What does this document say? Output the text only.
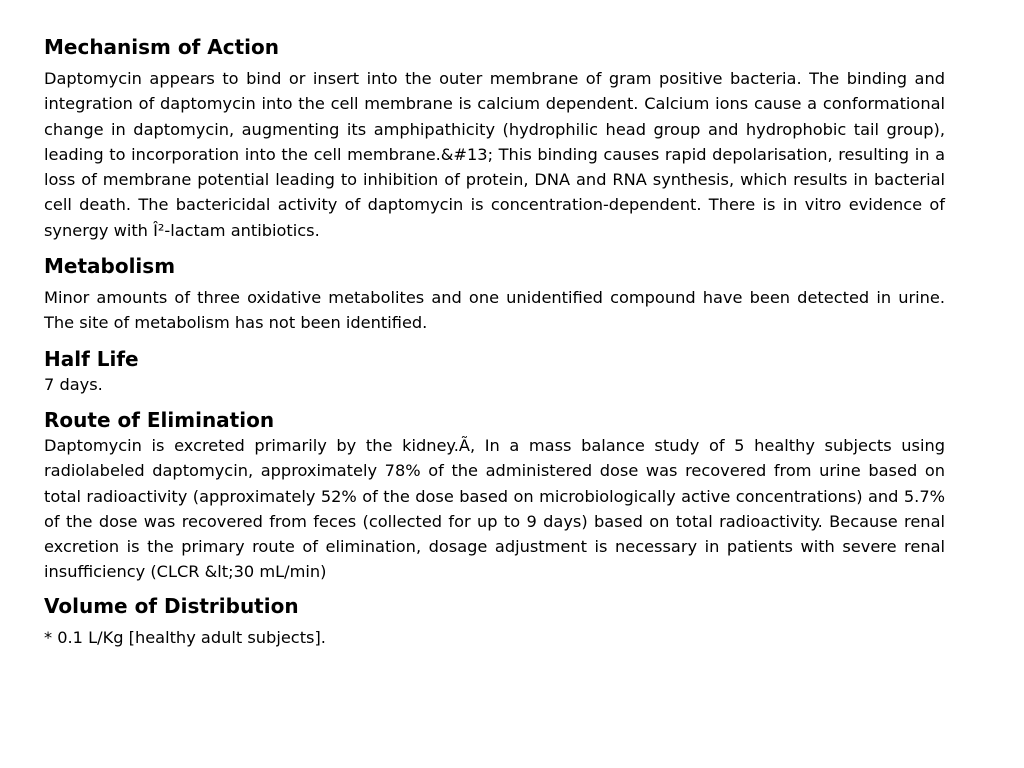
Mechanism of Action

Daptomycin appears to bind or insert into the outer membrane of gram positive bacteria. The binding and integration of daptomycin into the cell membrane is calcium dependent. Calcium ions cause a conformational change in daptomycin, augmenting its amphipathicity (hydrophilic head group and hydrophobic tail group), leading to incorporation into the cell membrane.&#13; This binding causes rapid depolarisation, resulting in a loss of membrane potential leading to inhibition of protein, DNA and RNA synthesis, which results in bacterial cell death. The bactericidal activity of daptomycin is concentration-dependent. There is in vitro evidence of synergy with Î²-lactam antibiotics.

Metabolism

Minor amounts of three oxidative metabolites and one unidentified compound have been detected in urine. The site of metabolism has not been identified.

Half Life

7 days.

Route of Elimination

Daptomycin is excreted primarily by the kidney.Ã‚ In a mass balance study of 5 healthy subjects using radiolabeled daptomycin, approximately 78% of the administered dose was recovered from urine based on total radioactivity (approximately 52% of the dose based on microbiologically active concentrations) and 5.7% of the dose was recovered from feces (collected for up to 9 days) based on total radioactivity. Because renal excretion is the primary route of elimination, dosage adjustment is necessary in patients with severe renal insufficiency (CLCR &lt;30 mL/min)

Volume of Distribution

* 0.1 L/Kg [healthy adult subjects].
